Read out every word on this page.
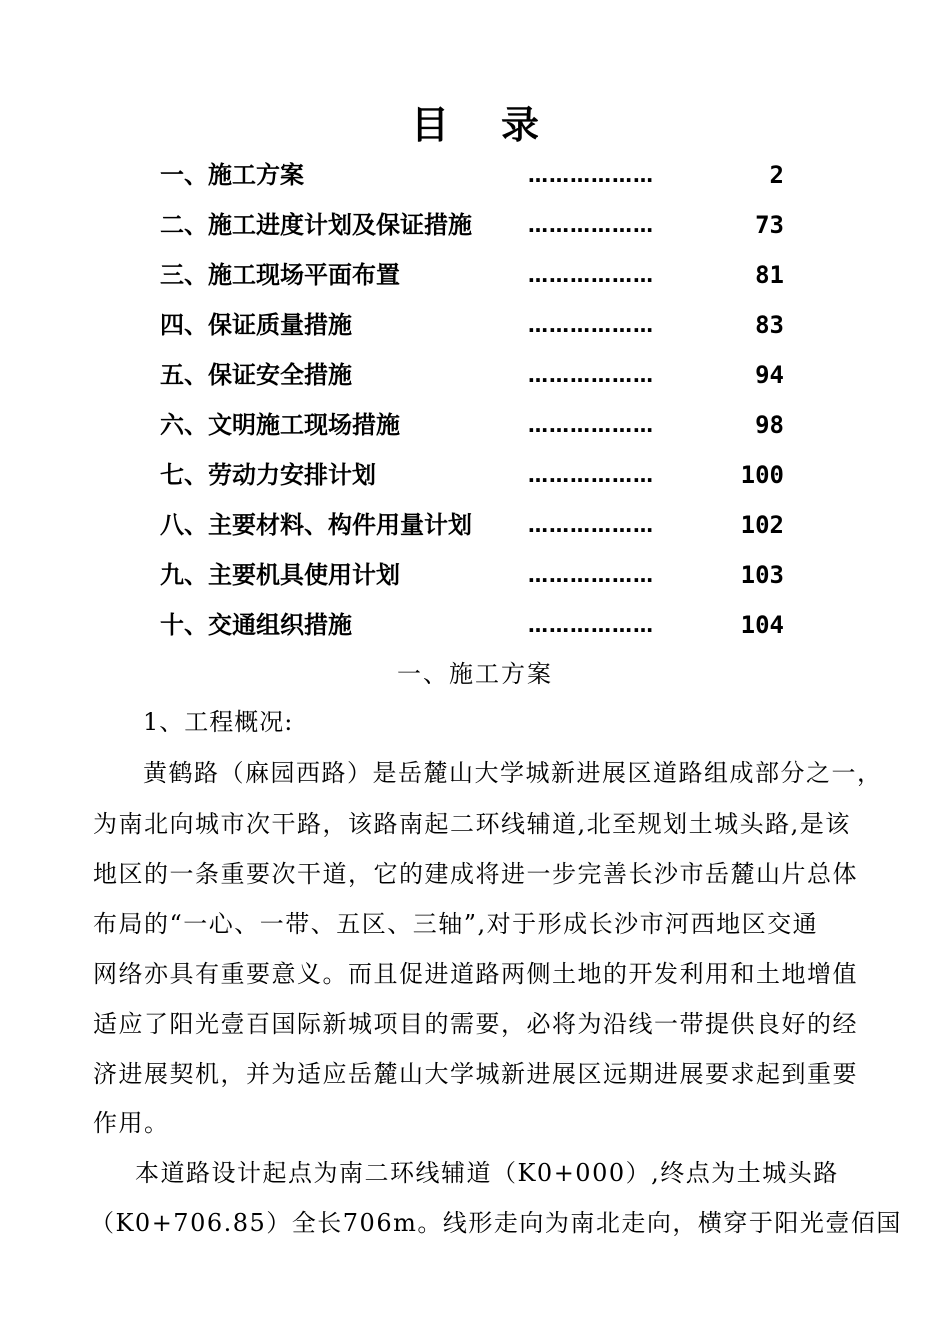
目录
一、施工方案	………………	2
二、施工进度计划及保证措施	………………	73
三、施工现场平面布置	………………	81
四、保证质量措施	………………	83
五、保证安全措施	………………	94
六、文明施工现场措施	………………	98
七、劳动力安排计划	………………	100
八、主要材料、构件用量计划	………………	102
九、主要机具使用计划	………………	103
十、交通组织措施	………………	104
一、施工方案
1、工程概况:
黄鹤路（麻园西路）是岳麓山大学城新进展区道路组成部分之一，
为南北向城市次干路，该路南起二环线辅道,北至规划土城头路,是该
地区的一条重要次干道，它的建成将进一步完善长沙市岳麓山片总体
布局的“一心、一带、五区、三轴”,对于形成长沙市河西地区交通
网络亦具有重要意义。而且促进道路两侧土地的开发利用和土地增值
适应了阳光壹百国际新城项目的需要，必将为沿线一带提供良好的经
济进展契机，并为适应岳麓山大学城新进展区远期进展要求起到重要
作用。
本道路设计起点为南二环线辅道（K0+000）,终点为土城头路
（K0+706.85）全长706m。线形走向为南北走向，横穿于阳光壹佰国
